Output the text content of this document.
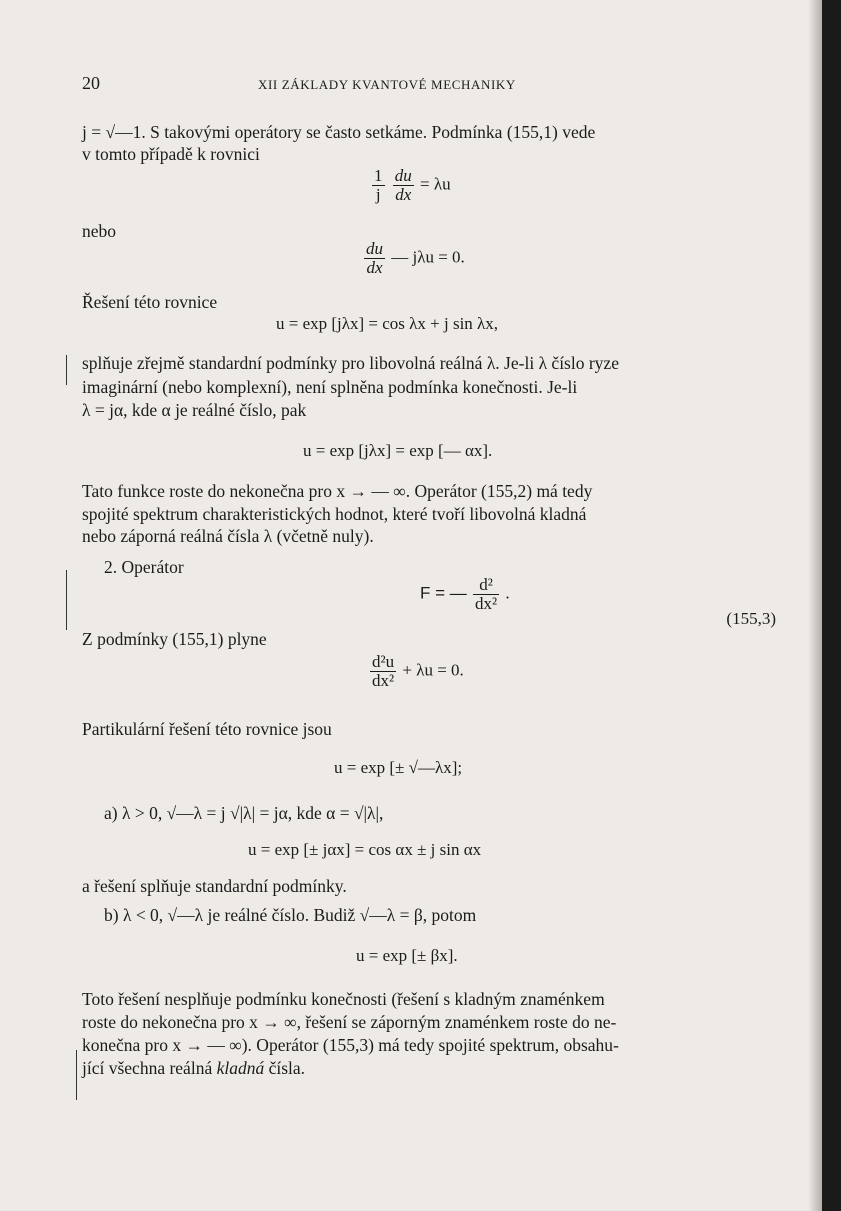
20	XII ZÁKLADY KVANTOVÉ MECHANIKY
j = √—1. S takovými operátory se často setkáme. Podmínka (155,1) vede
v tomto případě k rovnici
$\frac{1}{j}$
$\frac{du}{dx} = \lambda u$
nebo
$\frac{du}{dx}$ — jλu = 0.
Řešení této rovnice
u = exp [jλx] = cos λx + j sin λx,
splňuje zřejmě standardní podmínky pro libovolná reálná λ. Je-li λ číslo ryze
imaginární (nebo komplexní), není splněna podmínka konečnosti. Je-li
λ = jα, kde α je reálné číslo, pak
u = exp [jλx] = exp [— αx].
Tato funkce roste do nekonečna pro x → — ∞. Operátor (155,2) má tedy
spojité spektrum charakteristických hodnot, které tvoří libovolná kladná
nebo záporná reálná čísla λ (včetně nuly).
2. Operátor
F = — $\frac{\text{d²}}{\text{dx²}}$ .
(155,3)
Z podmínky (155,1) plyne
$\frac{\text{d²u}}{\text{dx²}} + \lambda u = 0$.
Partikulární řešení této rovnice jsou
u = exp [± √—λx];
a) λ > 0, √—λ = j √|λ| = jα, kde α = √|λ|,
u = exp [± jαx] = cos αx ± j sin αx
a řešení splňuje standardní podmínky.
b) λ < 0, √—λ je reálné číslo. Budiž √—λ = β, potom
u = exp [± βx].
Toto řešení nesplňuje podmínku konečnosti (řešení s kladným znaménkem
roste do nekonečna pro x → ∞, řešení se záporným znaménkem roste do ne-
konečna pro x → — ∞). Operátor (155,3) má tedy spojité spektrum, obsahu-
jící všechna reálná kladná čísla.
